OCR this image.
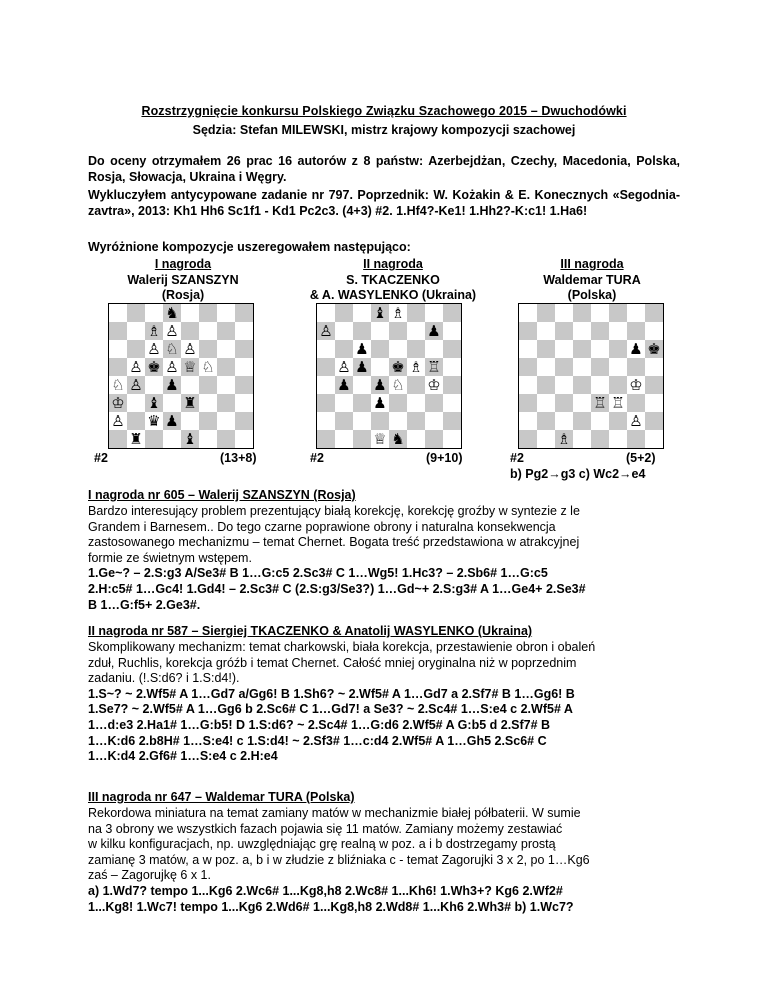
Rozstrzygnięcie konkursu Polskiego Związku Szachowego 2015 – Dwuchodówki
Sędzia: Stefan MILEWSKI, mistrz krajowy kompozycji szachowej
Do oceny otrzymałem 26 prac 16 autorów z 8 państw: Azerbejdżan, Czechy, Macedonia, Polska, Rosja, Słowacja, Ukraina i Węgry.
Wykluczyłem antycypowane zadanie nr 797. Poprzednik: W. Kożakin & E. Konecznych «Segodnia-zavtra», 2013: Kh1 Hh6 Sc1f1 - Kd1 Pc2c3. (4+3) #2. 1.Hf4?-Ke1! 1.Hh2?-K:c1! 1.Ha6!
Wyróżnione kompozycje uszeregowałem następująco:
I nagroda
Walerij SZANSZYN
(Rosja)
II nagroda
S. TKACZENKO
& A. WASYLENKO (Ukraina)
III nagroda
Waldemar TURA
(Polska)
♞
♗ ♙
♙ ♘ ♙
♙ ♚ ♙ ♕ ♘
♘ ♙ ♟
♔ ♝ ♜
♙ ♛ ♟
♜	♝
♝ ♗
♙	♟
♟
♙ ♟ ♚ ♗ ♖
♟ ♟ ♘ ♔
♟
♕ ♞
♟ ♚
♔
♖ ♖
♙
♗
#2	(13+8)	#2	(9+10)	#2	(5+2)
b) Pg2→g3 c) Wc2→e4
I nagroda nr 605 – Walerij SZANSZYN (Rosja)
Bardzo interesujący problem prezentujący białą korekcję, korekcję groźby w syntezie z le
Grandem i Barnesem.. Do tego czarne poprawione obrony i naturalna konsekwencja
zastosowanego mechanizmu – temat Chernet. Bogata treść przedstawiona w atrakcyjnej
formie ze świetnym wstępem.
1.Ge~? – 2.S:g3 A/Se3# B 1…G:c5 2.Sc3# C 1…Wg5! 1.Hc3? – 2.Sb6# 1…G:c5
2.H:c5# 1…Gc4! 1.Gd4! – 2.Sc3# C (2.S:g3/Se3?) 1…Gd~+ 2.S:g3# A 1…Ge4+ 2.Se3#
B 1…G:f5+ 2.Ge3#.
II nagroda nr 587 – Siergiej TKACZENKO & Anatolij WASYLENKO (Ukraina)
Skomplikowany mechanizm: temat charkowski, biała korekcja, przestawienie obron i obaleń
zduł, Ruchlis, korekcja gróźb i temat Chernet. Całość mniej oryginalna niż w poprzednim
zadaniu. (!.S:d6? i 1.S:d4!).
1.S~? ~ 2.Wf5# A 1…Gd7 a/Gg6! B 1.Sh6? ~ 2.Wf5# A 1…Gd7 a 2.Sf7# B 1…Gg6! B
1.Se7? ~ 2.Wf5# A 1…Gg6 b 2.Sc6# C 1…Gd7! a Se3? ~ 2.Sc4# 1…S:e4 c 2.Wf5# A
1…d:e3 2.Ha1# 1…G:b5! D 1.S:d6? ~ 2.Sc4# 1…G:d6 2.Wf5# A G:b5 d 2.Sf7# B
1…K:d6 2.b8H# 1…S:e4! c 1.S:d4! ~ 2.Sf3# 1…c:d4 2.Wf5# A 1…Gh5 2.Sc6# C
1…K:d4 2.Gf6# 1…S:e4 c 2.H:e4
III nagroda nr 647 – Waldemar TURA (Polska)
Rekordowa miniatura na temat zamiany matów w mechanizmie białej półbaterii. W sumie
na 3 obrony we wszystkich fazach pojawia się 11 matów. Zamiany możemy zestawiać
w kilku konfiguracjach, np. uwzględniając grę realną w poz. a i b dostrzegamy prostą
zamianę 3 matów, a w poz. a, b i w złudzie z bliźniaka c - temat Zagorujki 3 x 2, po 1…Kg6
zaś – Zagorujkę 6 x 1.
a) 1.Wd7? tempo 1...Kg6 2.Wc6# 1...Kg8,h8 2.Wc8# 1...Kh6! 1.Wh3+? Kg6 2.Wf2#
1...Kg8! 1.Wc7! tempo 1...Kg6 2.Wd6# 1...Kg8,h8 2.Wd8# 1...Kh6 2.Wh3# b) 1.Wc7?
